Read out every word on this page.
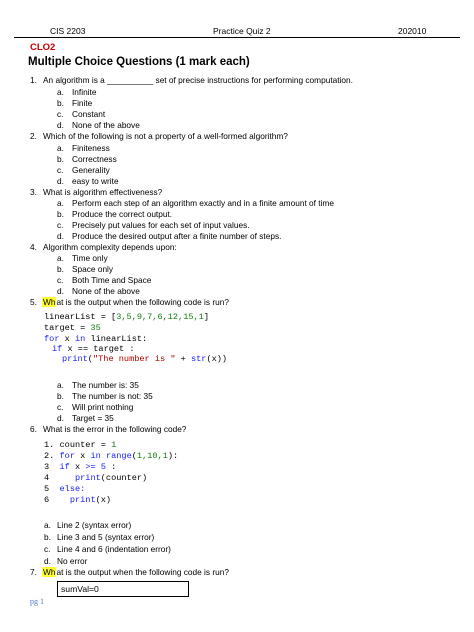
CIS 2203	Practice Quiz 2	202010
CLO2
Multiple Choice Questions (1 mark each)
1. An algorithm is a __________ set of precise instructions for performing computation.
a. Infinite
b. Finite
c. Constant
d. None of the above
2. Which of the following is not a property of a well-formed algorithm?
a. Finiteness
b. Correctness
c. Generality
d. easy to write
3. What is algorithm effectiveness?
a. Perform each step of an algorithm exactly and in a finite amount of time
b. Produce the correct output.
c. Precisely put values for each set of input values.
d. Produce the desired output after a finite number of steps.
4. Algorithm complexity depends upon:
a. Time only
b. Space only
c. Both Time and Space
d. None of the above
5. What is the output when the following code is run?
linearList = [3,5,9,7,6,12,15,1]
target = 35
for x in linearList:
if x == target :
print("The number is " + str(x))
a. The number is: 35
b. The number is not: 35
c. Will print nothing
d. Target = 35
6. What is the error in the following code?
1. counter = 1
2. for x in range(1,10,1):
3 if x >= 5 :
4	print(counter)
5 else:
6 print(x)
a. Line 2 (syntax error)
b. Line 3 and 5 (syntax error)
c. Line 4 and 6 (indentation error)
d. No error
7. What is the output when the following code is run?
sumVal=0
pg 1
